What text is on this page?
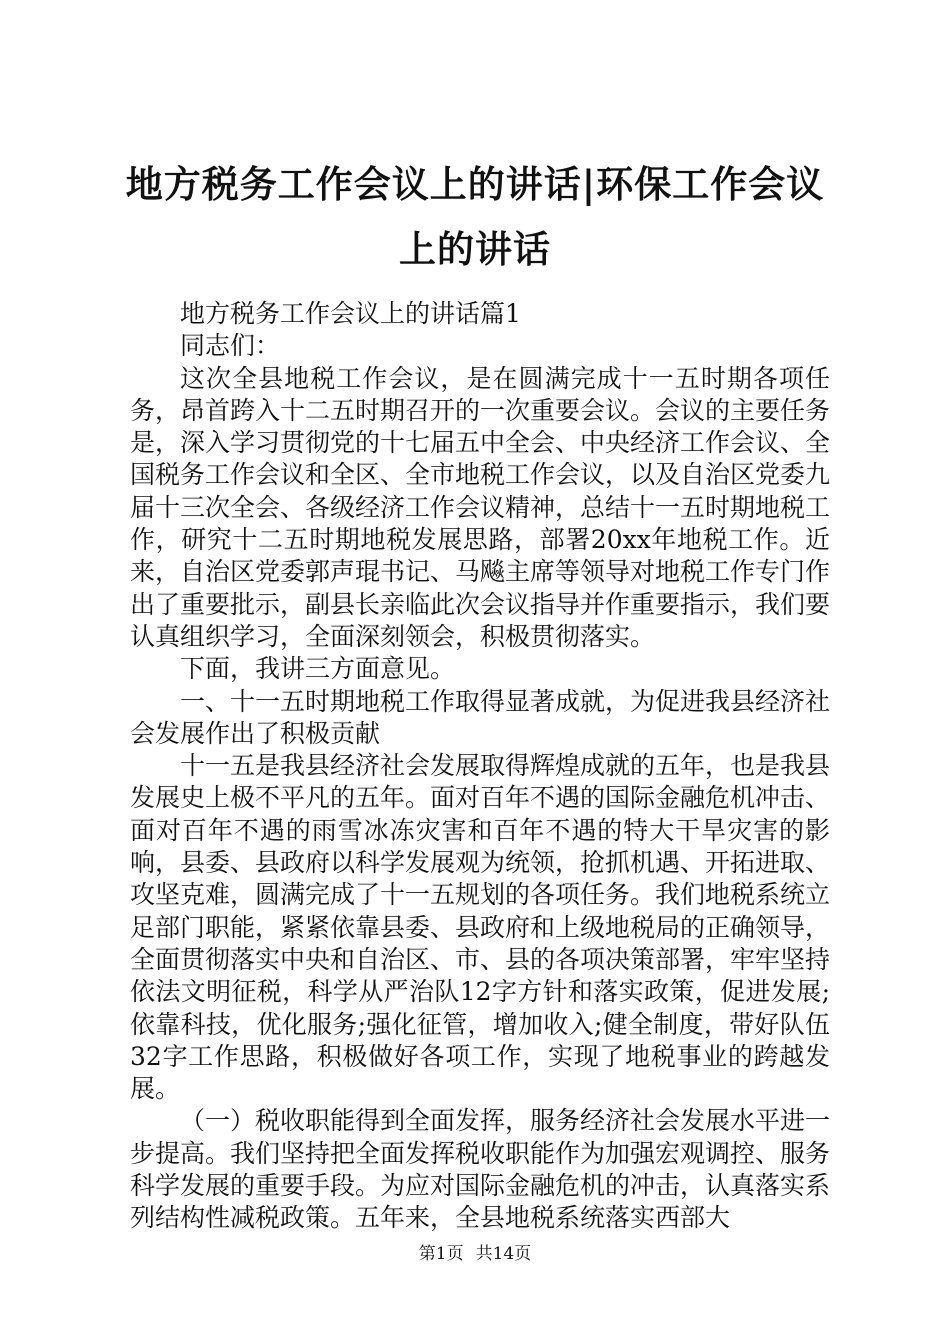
地方税务工作会议上的讲话|环保工作会议上的讲话

地方税务工作会议上的讲话篇1

同志们：

这次全县地税工作会议，是在圆满完成十一五时期各项任务，昂首跨入十二五时期召开的一次重要会议。会议的主要任务是，深入学习贯彻党的十七届五中全会、中央经济工作会议、全国税务工作会议和全区、全市地税工作会议，以及自治区党委九届十三次全会、各级经济工作会议精神，总结十一五时期地税工作，研究十二五时期地税发展思路，部署20xx年地税工作。近来，自治区党委郭声琨书记、马飚主席等领导对地税工作专门作出了重要批示，副县长亲临此次会议指导并作重要指示，我们要认真组织学习，全面深刻领会，积极贯彻落实。

下面，我讲三方面意见。

一、十一五时期地税工作取得显著成就，为促进我县经济社会发展作出了积极贡献

十一五是我县经济社会发展取得辉煌成就的五年，也是我县发展史上极不平凡的五年。面对百年不遇的国际金融危机冲击、面对百年不遇的雨雪冰冻灾害和百年不遇的特大干旱灾害的影响，县委、县政府以科学发展观为统领，抢抓机遇、开拓进取、攻坚克难，圆满完成了十一五规划的各项任务。我们地税系统立足部门职能，紧紧依靠县委、县政府和上级地税局的正确领导，全面贯彻落实中央和自治区、市、县的各项决策部署，牢牢坚持依法文明征税，科学从严治队12字方针和落实政策，促进发展;依靠科技，优化服务;强化征管，增加收入;健全制度，带好队伍32字工作思路，积极做好各项工作，实现了地税事业的跨越发展。

（一）税收职能得到全面发挥，服务经济社会发展水平进一步提高。我们坚持把全面发挥税收职能作为加强宏观调控、服务科学发展的重要手段。为应对国际金融危机的冲击，认真落实系列结构性减税政策。五年来，全县地税系统落实西部大

第1页 共14页
